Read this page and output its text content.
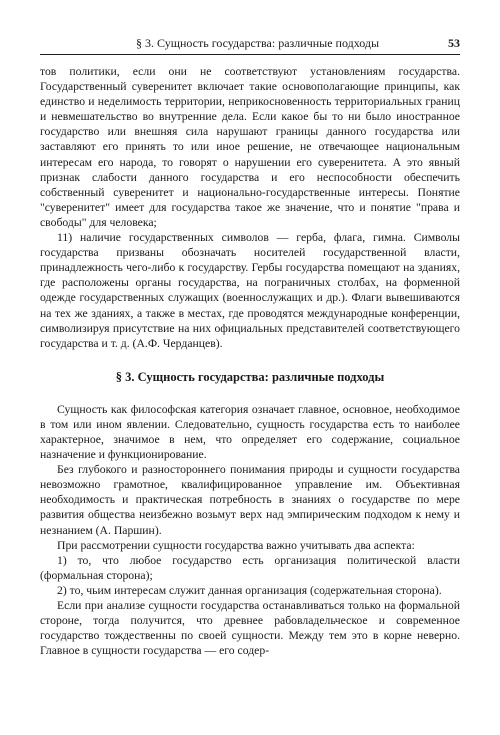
§ 3. Сущность государства: различные подходы	53

тов политики, если они не соответствуют установлениям государства. Государственный суверенитет включает такие основополагающие принципы, как единство и неделимость территории, неприкосновенность территориальных границ и невмешательство во внутренние дела. Если какое бы то ни было иностранное государство или внешняя сила нарушают границы данного государства или заставляют его принять то или иное решение, не отвечающее национальным интересам его народа, то говорят о нарушении его суверенитета. А это явный признак слабости данного государства и его неспособности обеспечить собственный суверенитет и национально-государственные интересы. Понятие "суверенитет" имеет для государства такое же значение, что и понятие "права и свободы" для человека;

11) наличие государственных символов — герба, флага, гимна. Символы государства призваны обозначать носителей государственной власти, принадлежность чего-либо к государству. Гербы государства помещают на зданиях, где расположены органы государства, на пограничных столбах, на форменной одежде государственных служащих (военнослужащих и др.). Флаги вывешиваются на тех же зданиях, а также в местах, где проводятся международные конференции, символизируя присутствие на них официальных представителей соответствующего государства и т. д. (А.Ф. Черданцев).

§ 3. Сущность государства: различные подходы

Сущность как философская категория означает главное, основное, необходимое в том или ином явлении. Следовательно, сущность государства есть то наиболее характерное, значимое в нем, что определяет его содержание, социальное назначение и функционирование.

Без глубокого и разностороннего понимания природы и сущности государства невозможно грамотное, квалифицированное управление им. Объективная необходимость и практическая потребность в знаниях о государстве по мере развития общества неизбежно возьмут верх над эмпирическим подходом к нему и незнанием (А. Паршин).

При рассмотрении сущности государства важно учитывать два аспекта:

1) то, что любое государство есть организация политической власти (формальная сторона);

2) то, чьим интересам служит данная организация (содержательная сторона).

Если при анализе сущности государства останавливаться только на формальной стороне, тогда получится, что древнее рабовладельческое и современное государство тождественны по своей сущности. Между тем это в корне неверно. Главное в сущности государства — его содер-
